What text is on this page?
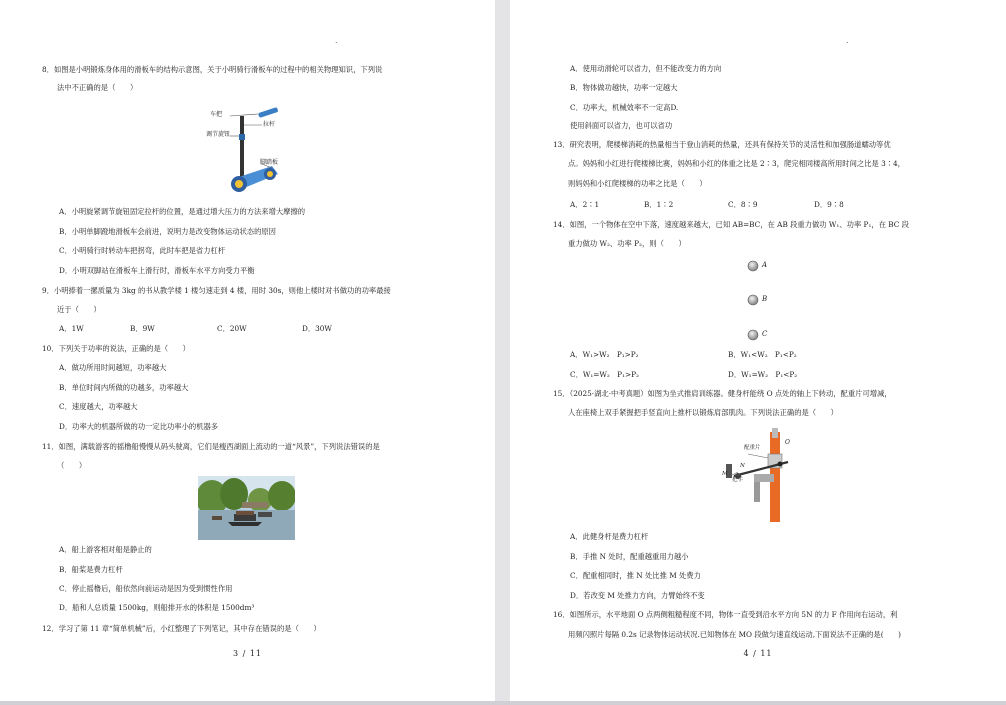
.
8．如图是小明锻炼身体用的滑板车的结构示意图，关于小明骑行滑板车的过程中的相关物理知识，下列说
法中不正确的是（　　）
车把
拉杆
调节旋钮
脚踏板
A．小明旋紧调节旋钮固定拉杆的位置，是通过增大压力的方法来增大摩擦的
B．小明单脚蹬地滑板车会前进，说明力是改变物体运动状态的原因
C．小明骑行时转动车把拐弯，此时车把是省力杠杆
D．小明双脚站在滑板车上滑行时，滑板车水平方向受力平衡
9．小明捧着一摞质量为 3kg 的书从教学楼 1 楼匀速走到 4 楼，用时 30s，则他上楼时对书做功的功率最接
近于（　　）
A．1W	B．9W	C．20W	D．30W
10．下列关于功率的说法，正确的是（　　）
A．做功所用时间越短，功率越大
B．单位时间内所做的功越多，功率越大
C．速度越大，功率越大
D．功率大的机器所做的功一定比功率小的机器多
11．如图，满载游客的摇橹船慢慢从码头驶离，它们是瘦西湖面上流动的一道“风景”，下列说法错误的是
（　　）
A．船上游客相对船是静止的
B．船桨是费力杠杆
C．停止摇橹后，船依然向前运动是因为受到惯性作用
D．船和人总质量 1500kg，则船排开水的体积是 1500dm³
12．学习了第 11 章“简单机械”后，小红整理了下列笔记，其中存在错误的是（　　）
3 / 11
.
A．使用动滑轮可以省力，但不能改变力的方向
B．物体做功越快，功率一定越大
C．功率大，机械效率不一定高D.
使用斜面可以省力，也可以省功
13．研究表明，爬楼梯消耗的热量相当于登山消耗的热量，还具有保持关节的灵活性和加强肠道蠕动等优
点。妈妈和小红进行爬楼梯比赛，妈妈和小红的体重之比是 2∶3，爬完相同楼高所用时间之比是 3∶4，
则妈妈和小红爬楼梯的功率之比是（　　）
A．2∶1	B．1∶2	C．8∶9	D．9∶8
14．如图，一个物体在空中下落，速度越来越大，已知 AB=BC，在 AB 段重力做功 W₁、功率 P₁，在 BC 段
重力做功 W₂、功率 P₂，则（　　）
A
B
C
A．W₁>W₂　P₁>P₂	B．W₁<W₂　P₁<P₂
C．W₁=W₂　P₁>P₂	D．W₁=W₂　P₁<P₂
15．（2025·湖北·中考真题）如图为坐式推肩训练器。健身杆能绕 O 点处的轴上下转动，配重片可增减，
人在座椅上双手紧握把手竖直向上推杆以锻炼肩部肌肉。下列说法正确的是（　　）
配重片
O
N
M
把手
A．此健身杆是费力杠杆
B．手推 N 处时，配重越重用力越小
C．配重相同时，推 N 处比推 M 处费力
D．若改变 M 处推力方向，力臂始终不变
16．如图所示，水平地面 O 点两侧粗糙程度不同，物体一直受到沿水平方向 5N 的力 F 作用向右运动，利
用频闪照片每隔 0.2s 记录物体运动状况.已知物体在 MO 段做匀速直线运动,下面说法不正确的是(　　)
4 / 11
